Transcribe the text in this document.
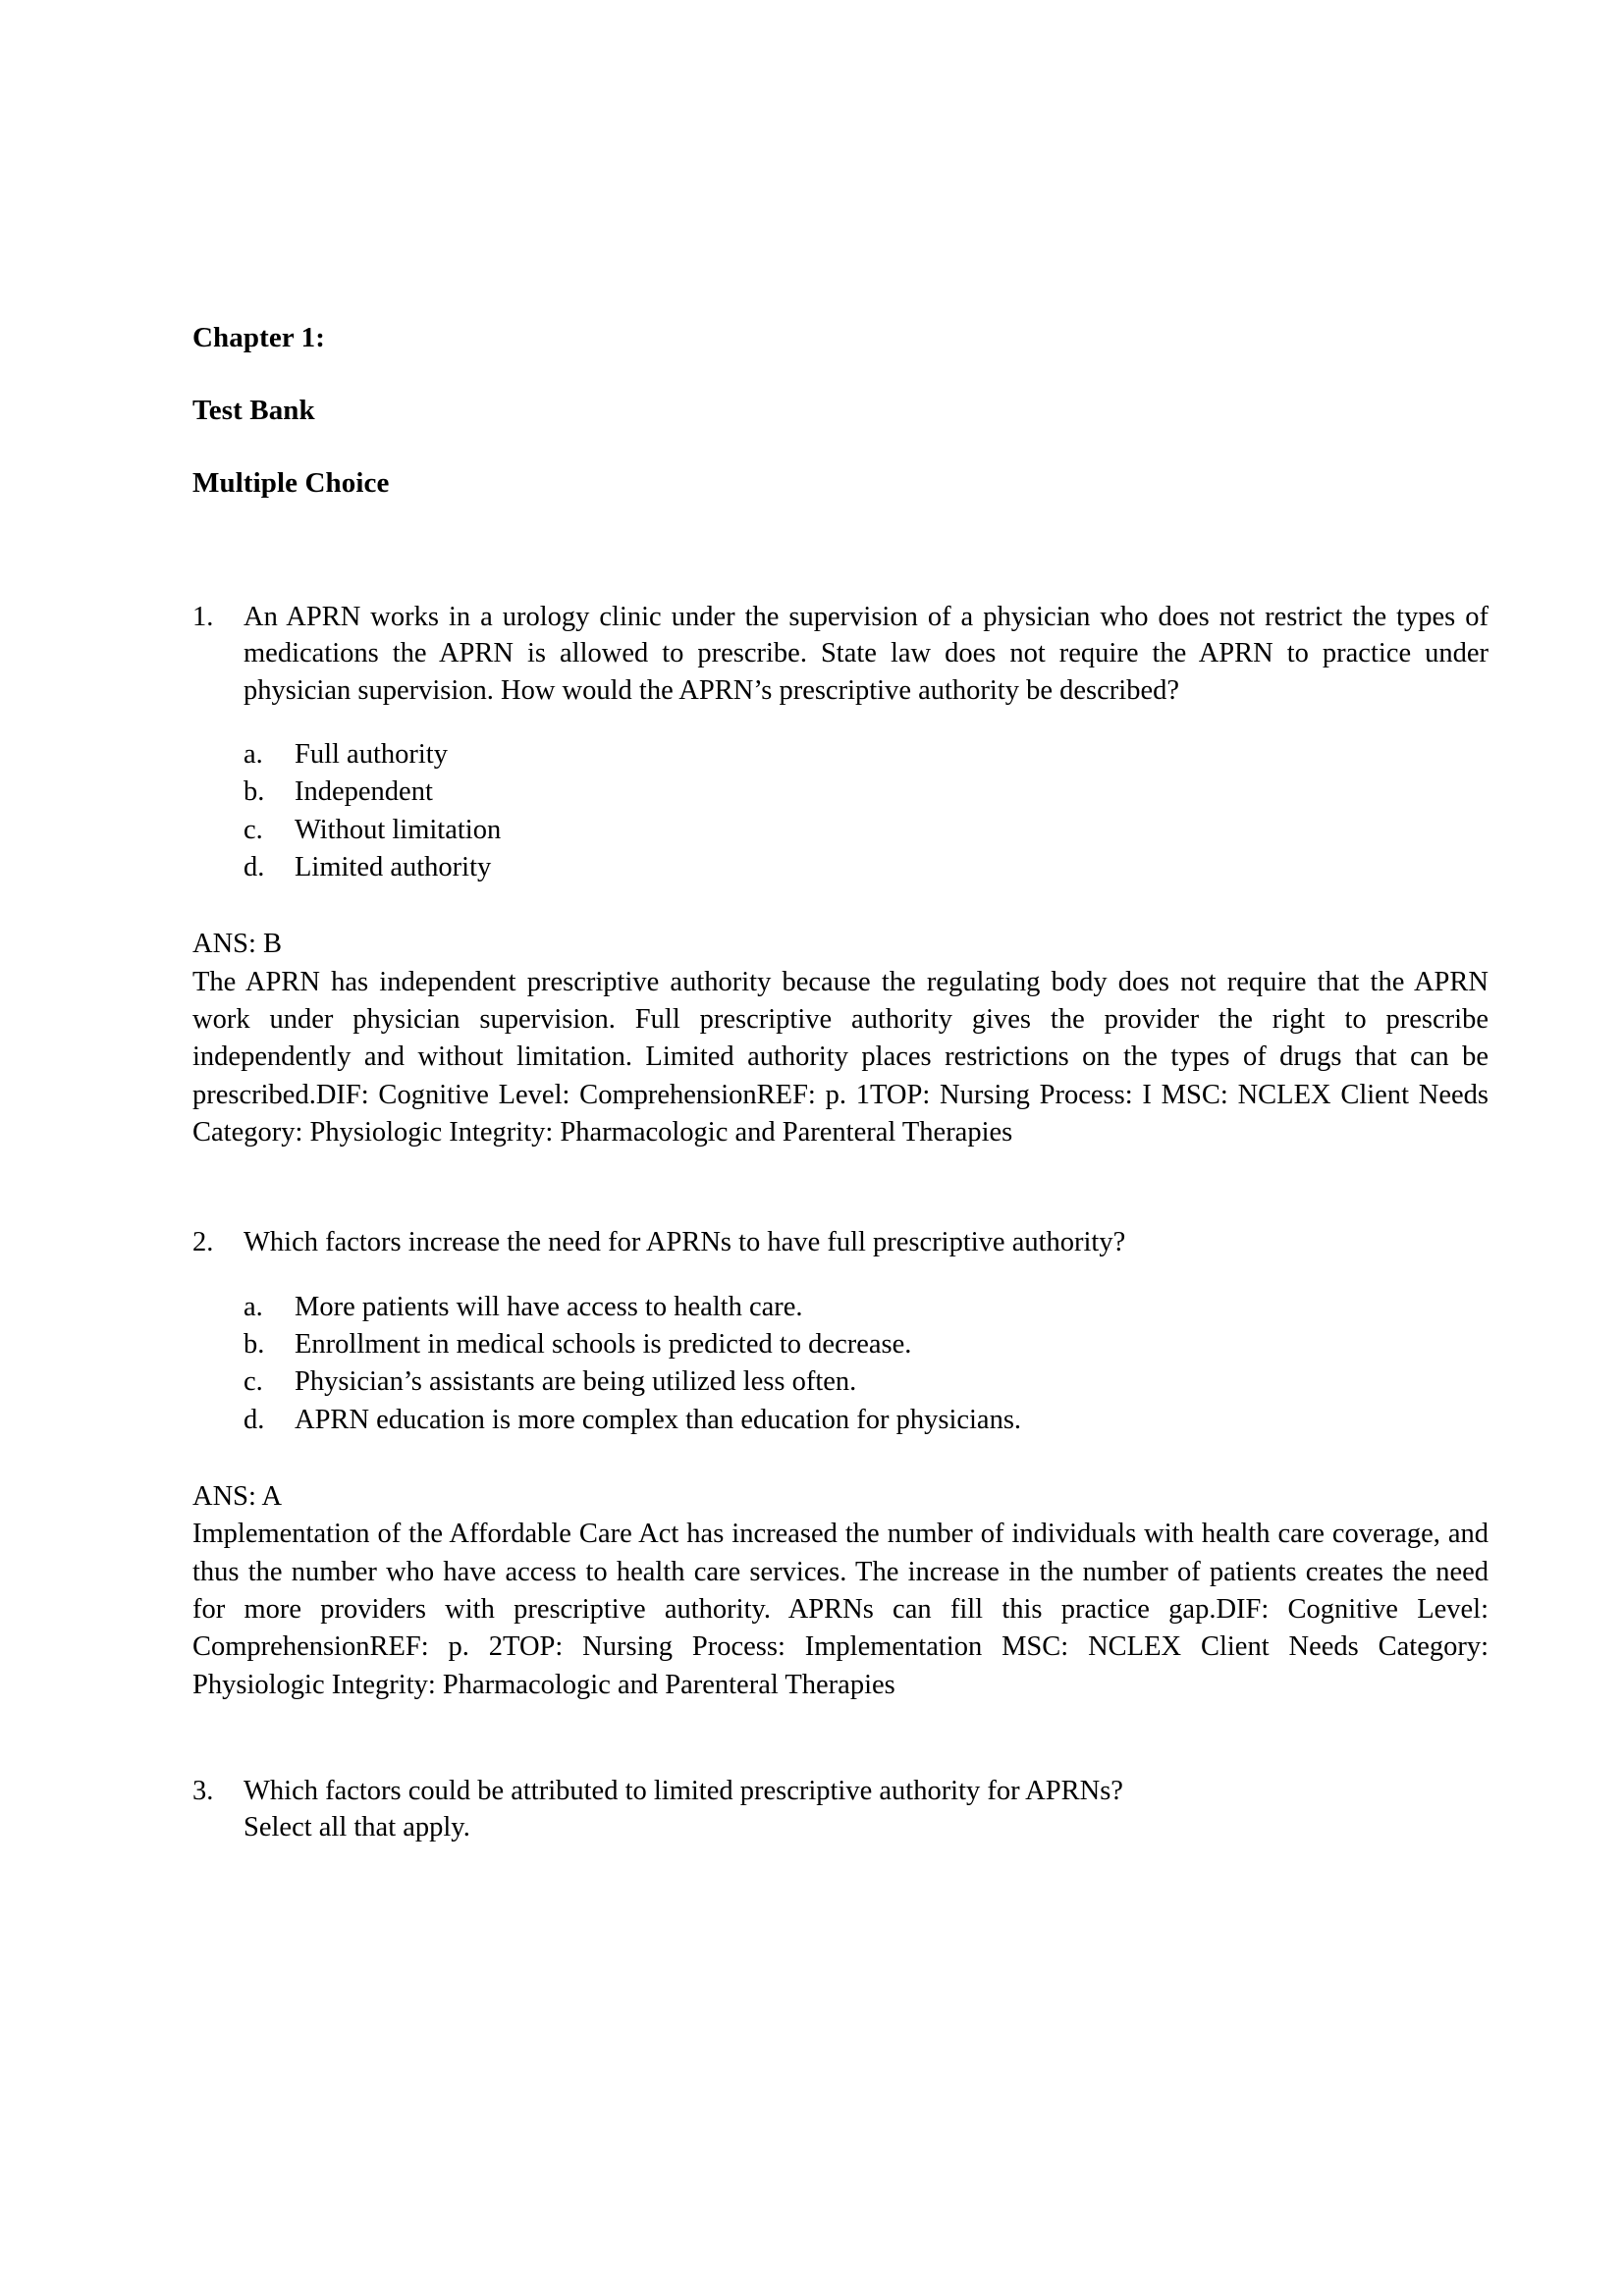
Chapter 1:
Test Bank
Multiple Choice
1.	An APRN works in a urology clinic under the supervision of a physician who does not restrict the types of medications the APRN is allowed to prescribe. State law does not require the APRN to practice under physician supervision. How would the APRN’s prescriptive authority be described?
a.	Full authority
b.	Independent
c.	Without limitation
d.	Limited authority
ANS: B
The APRN has independent prescriptive authority because the regulating body does not require that the APRN work under physician supervision. Full prescriptive authority gives the provider the right to prescribe independently and without limitation. Limited authority places restrictions on the types of drugs that can be prescribed.DIF: Cognitive Level: ComprehensionREF: p. 1TOP: Nursing Process: I MSC: NCLEX Client Needs Category: Physiologic Integrity: Pharmacologic and Parenteral Therapies
2.	Which factors increase the need for APRNs to have full prescriptive authority?
a.	More patients will have access to health care.
b.	Enrollment in medical schools is predicted to decrease.
c.	Physician’s assistants are being utilized less often.
d.	APRN education is more complex than education for physicians.
ANS: A
Implementation of the Affordable Care Act has increased the number of individuals with health care coverage, and thus the number who have access to health care services. The increase in the number of patients creates the need for more providers with prescriptive authority. APRNs can fill this practice gap.DIF: Cognitive Level: ComprehensionREF: p. 2TOP: Nursing Process: Implementation MSC: NCLEX Client Needs Category: Physiologic Integrity: Pharmacologic and Parenteral Therapies
3.	Which factors could be attributed to limited prescriptive authority for APRNs?
Select all that apply.
